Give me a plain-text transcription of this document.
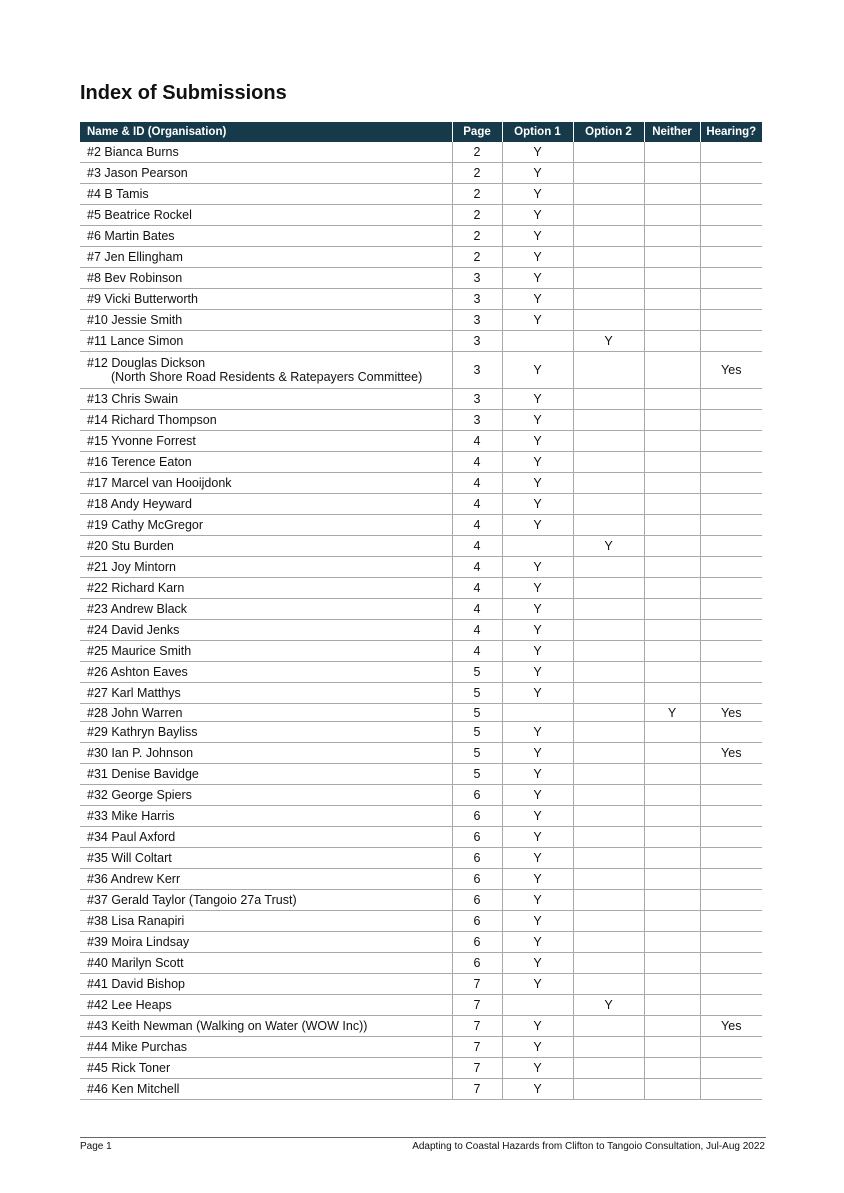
Index of Submissions
Name & ID (Organisation)	Page	Option 1	Option 2	Neither	Hearing?
#2 Bianca Burns	2	Y			
#3 Jason Pearson	2	Y			
#4 B Tamis	2	Y			
#5 Beatrice Rockel	2	Y			
#6 Martin Bates	2	Y			
#7 Jen Ellingham	2	Y			
#8 Bev Robinson	3	Y			
#9 Vicki Butterworth	3	Y			
#10 Jessie Smith	3	Y			
#11 Lance Simon	3		Y		
#12 Douglas Dickson
(North Shore Road Residents & Ratepayers Committee)	3	Y			Yes
#13 Chris Swain	3	Y			
#14 Richard Thompson	3	Y			
#15 Yvonne Forrest	4	Y			
#16 Terence Eaton	4	Y			
#17 Marcel van Hooijdonk	4	Y			
#18 Andy Heyward	4	Y			
#19 Cathy McGregor	4	Y			
#20 Stu Burden	4		Y		
#21 Joy Mintorn	4	Y			
#22 Richard Karn	4	Y			
#23 Andrew Black	4	Y			
#24 David Jenks	4	Y			
#25 Maurice Smith	4	Y			
#26 Ashton Eaves	5	Y			
#27 Karl Matthys	5	Y			
#28 John Warren	5			Y	Yes
#29 Kathryn Bayliss	5	Y			
#30 Ian P. Johnson	5	Y			Yes
#31 Denise Bavidge	5	Y			
#32 George Spiers	6	Y			
#33 Mike Harris	6	Y			
#34 Paul Axford	6	Y			
#35 Will Coltart	6	Y			
#36 Andrew Kerr	6	Y			
#37 Gerald Taylor (Tangoio 27a Trust)	6	Y			
#38 Lisa Ranapiri	6	Y			
#39 Moira Lindsay	6	Y			
#40 Marilyn Scott	6	Y			
#41 David Bishop	7	Y			
#42 Lee Heaps	7		Y		
#43 Keith Newman (Walking on Water (WOW Inc))	7	Y			Yes
#44 Mike Purchas	7	Y			
#45 Rick Toner	7	Y			
#46 Ken Mitchell	7	Y			
Page 1	Adapting to Coastal Hazards from Clifton to Tangoio Consultation, Jul-Aug 2022
